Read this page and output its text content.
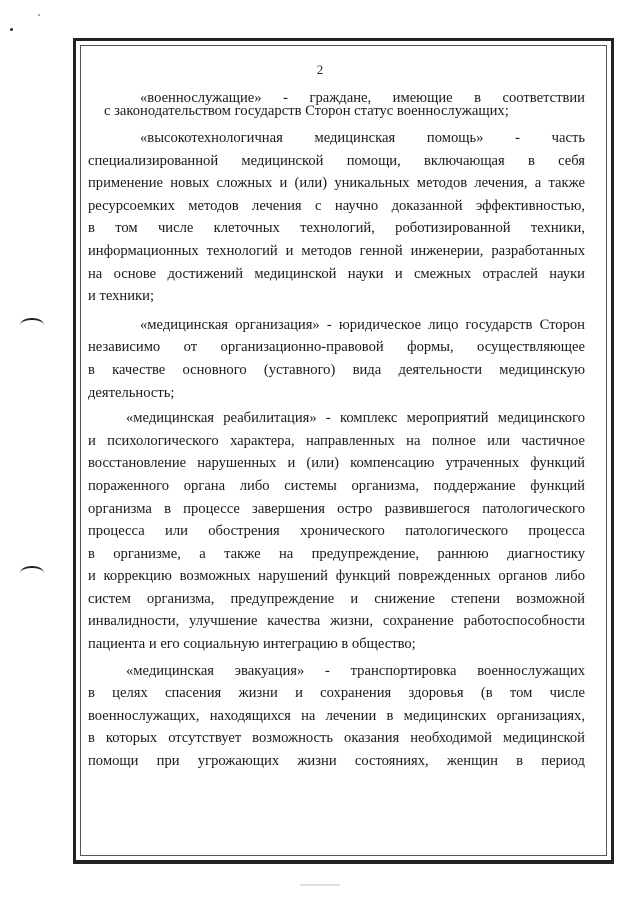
2

«военнослужащие» - граждане, имеющие в соответствии
с законодательством государств Сторон статус военнослужащих;

«высокотехнологичная медицинская помощь» - часть
специализированной медицинской помощи, включающая в себя
применение новых сложных и (или) уникальных методов лечения, а также
ресурсоемких методов лечения с научно доказанной эффективностью,
в том числе клеточных технологий, роботизированной техники,
информационных технологий и методов генной инженерии, разработанных
на основе достижений медицинской науки и смежных отраслей науки
и техники;

«медицинская организация» - юридическое лицо государств Сторон
независимо от организационно-правовой формы, осуществляющее
в качестве основного (уставного) вида деятельности медицинскую
деятельность;

«медицинская реабилитация» - комплекс мероприятий медицинского
и психологического характера, направленных на полное или частичное
восстановление нарушенных и (или) компенсацию утраченных функций
пораженного органа либо системы организма, поддержание функций
организма в процессе завершения остро развившегося патологического
процесса или обострения хронического патологического процесса
в организме, а также на предупреждение, раннюю диагностику
и коррекцию возможных нарушений функций поврежденных органов либо
систем организма, предупреждение и снижение степени возможной
инвалидности, улучшение качества жизни, сохранение работоспособности
пациента и его социальную интеграцию в общество;

«медицинская эвакуация» - транспортировка военнослужащих
в целях спасения жизни и сохранения здоровья (в том числе
военнослужащих, находящихся на лечении в медицинских организациях,
в которых отсутствует возможность оказания необходимой медицинской
помощи при угрожающих жизни состояниях, женщин в период
